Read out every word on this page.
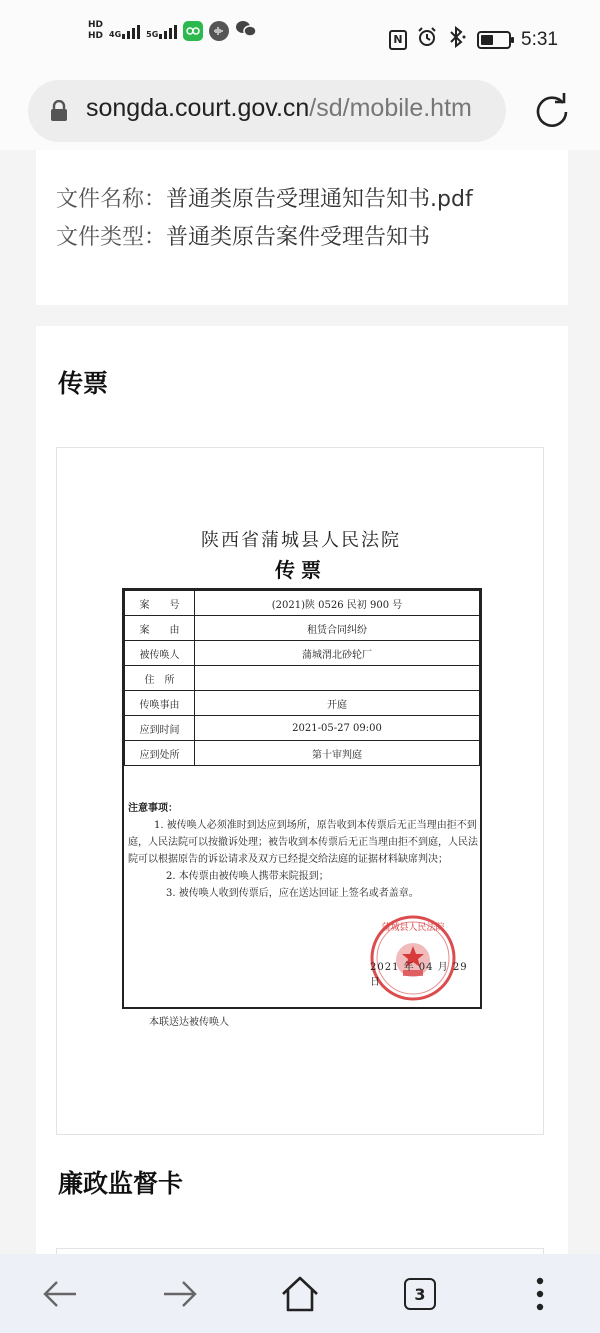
HD
HD 4G	5G	N	5:31
songda.court.gov.cn/sd/mobile.htm
文件名称：普通类原告受理通知告知书.pdf
文件类型：普通类原告案件受理告知书
传票
陕西省蒲城县人民法院
传票
案　　号	(2021)陕 0526 民初 900 号
案　　由	租赁合同纠纷
被传唤人	蒲城渭北砂轮厂
住　所	
传唤事由	开庭
应到时间	2021-05-27 09:00
应到处所	第十审判庭

注意事项：

1. 被传唤人必须准时到达应到场所，原告收到本传票后无正当理由拒不到庭，人民法院可以按撤诉处理；被告收到本传票后无正当理由拒不到庭，人民法院可以根据原告的诉讼请求及双方已经提交给法庭的证据材料缺席判决；

2. 本传票由被传唤人携带来院报到；

3. 被传唤人收到传票后，应在送达回证上签名或者盖章。

蒲城县人民法院
2021 年 04 月 29 日
本联送达被传唤人
廉政监督卡
3
